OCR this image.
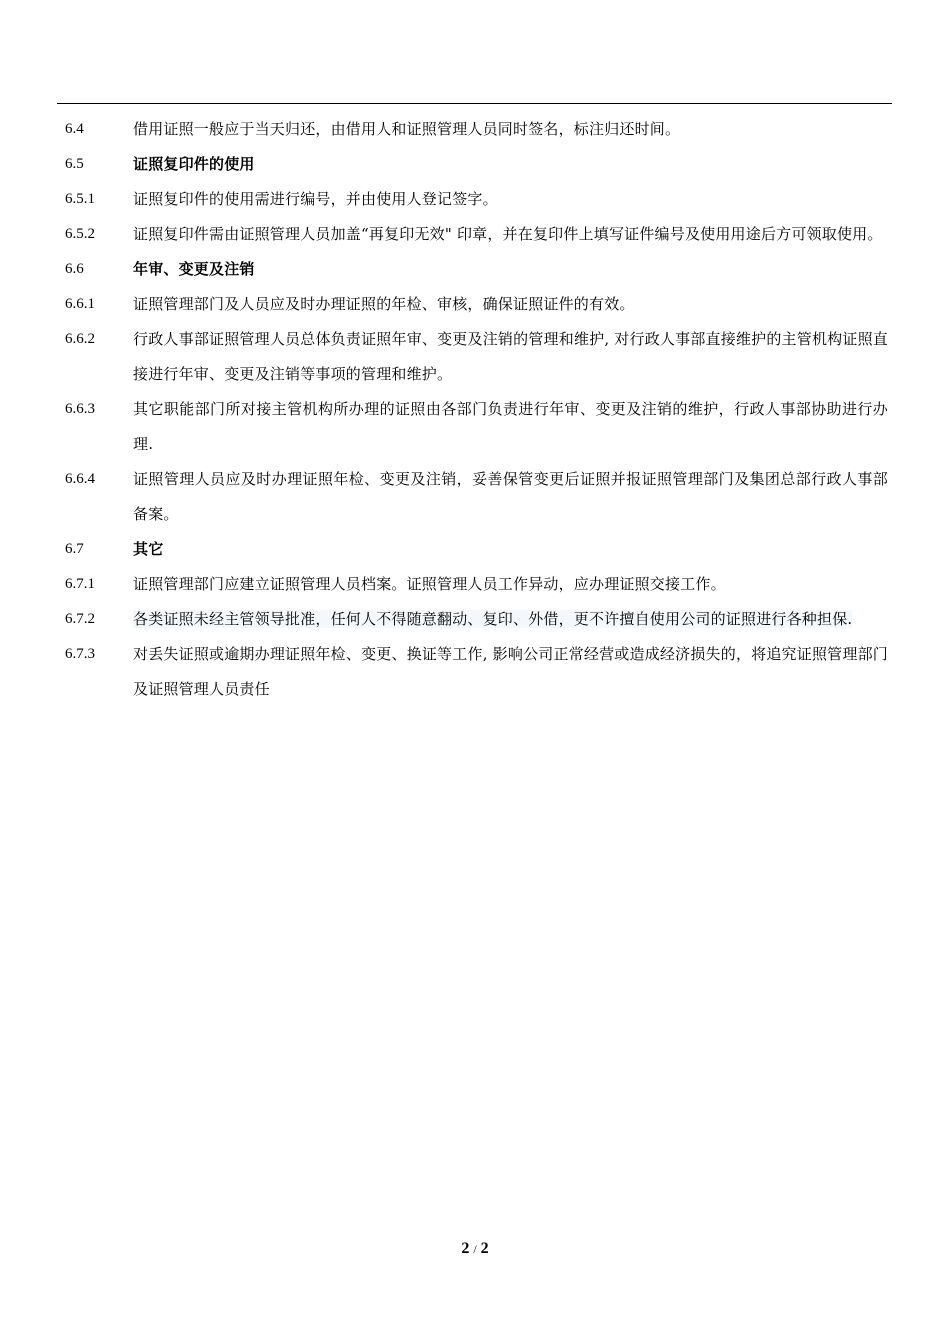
6.4	借用证照一般应于当天归还，由借用人和证照管理人员同时签名，标注归还时间。
6.5	证照复印件的使用
6.5.1	证照复印件的使用需进行编号，并由使用人登记签字。
6.5.2	证照复印件需由证照管理人员加盖“再复印无效" 印章，并在复印件上填写证件编号及使用用途后方可领取使用。
6.6	年审、变更及注销
6.6.1	证照管理部门及人员应及时办理证照的年检、审核，确保证照证件的有效。
6.6.2	行政人事部证照管理人员总体负责证照年审、变更及注销的管理和维护, 对行政人事部直接维护的主管机构证照直接进行年审、变更及注销等事项的管理和维护。
6.6.3	其它职能部门所对接主管机构所办理的证照由各部门负责进行年审、变更及注销的维护，行政人事部协助进行办理.
6.6.4	证照管理人员应及时办理证照年检、变更及注销，妥善保管变更后证照并报证照管理部门及集团总部行政人事部备案。
6.7	其它
6.7.1	证照管理部门应建立证照管理人员档案。证照管理人员工作异动，应办理证照交接工作。
6.7.2	各类证照未经主管领导批准，任何人不得随意翻动、复印、外借，更不许擅自使用公司的证照进行各种担保.
6.7.3	对丢失证照或逾期办理证照年检、变更、换证等工作, 影响公司正常经营或造成经济损失的，将追究证照管理部门及证照管理人员责任
2 / 2
